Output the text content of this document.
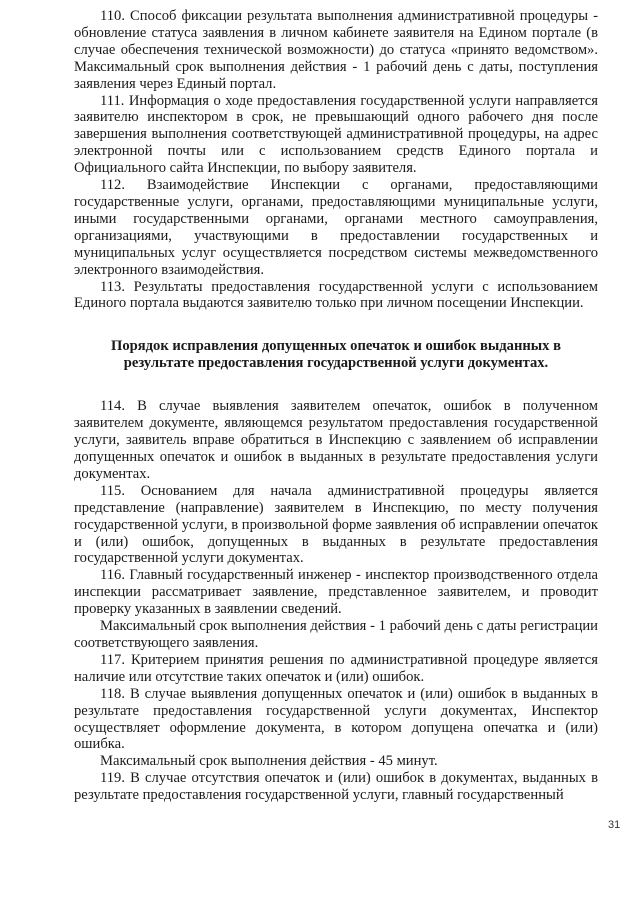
110. Способ фиксации результата выполнения административной процедуры - обновление статуса заявления в личном кабинете заявителя на Едином портале (в случае обеспечения технической возможности) до статуса «принято ведомством». Максимальный срок выполнения действия - 1 рабочий день с даты, поступления заявления через Единый портал.

111. Информация о ходе предоставления государственной услуги направляется заявителю инспектором в срок, не превышающий одного рабочего дня после завершения выполнения соответствующей административной процедуры, на адрес электронной почты или с использованием средств Единого портала и Официального сайта Инспекции, по выбору заявителя.

112. Взаимодействие Инспекции с органами, предоставляющими государственные услуги, органами, предоставляющими муниципальные услуги, иными государственными органами, органами местного самоуправления, организациями, участвующими в предоставлении государственных и муниципальных услуг осуществляется посредством системы межведомственного электронного взаимодействия.

113. Результаты предоставления государственной услуги с использованием Единого портала выдаются заявителю только при личном посещении Инспекции.

Порядок исправления допущенных опечаток и ошибок выданных в результате предоставления государственной услуги документах.

114. В случае выявления заявителем опечаток, ошибок в полученном заявителем документе, являющемся результатом предоставления государственной услуги, заявитель вправе обратиться в Инспекцию с заявлением об исправлении допущенных опечаток и ошибок в выданных в результате предоставления услуги документах.

115. Основанием для начала административной процедуры является представление (направление) заявителем в Инспекцию, по месту получения государственной услуги, в произвольной форме заявления об исправлении опечаток и (или) ошибок, допущенных в выданных в результате предоставления государственной услуги документах.

116. Главный государственный инженер - инспектор производственного отдела инспекции рассматривает заявление, представленное заявителем, и проводит проверку указанных в заявлении сведений.

Максимальный срок выполнения действия - 1 рабочий день с даты регистрации соответствующего заявления.

117. Критерием принятия решения по административной процедуре является наличие или отсутствие таких опечаток и (или) ошибок.

118. В случае выявления допущенных опечаток и (или) ошибок в выданных в результате предоставления государственной услуги документах, Инспектор осуществляет оформление документа, в котором допущена опечатка и (или) ошибка.

Максимальный срок выполнения действия - 45 минут.

119. В случае отсутствия опечаток и (или) ошибок в документах, выданных в результате предоставления государственной услуги, главный государственный

31
